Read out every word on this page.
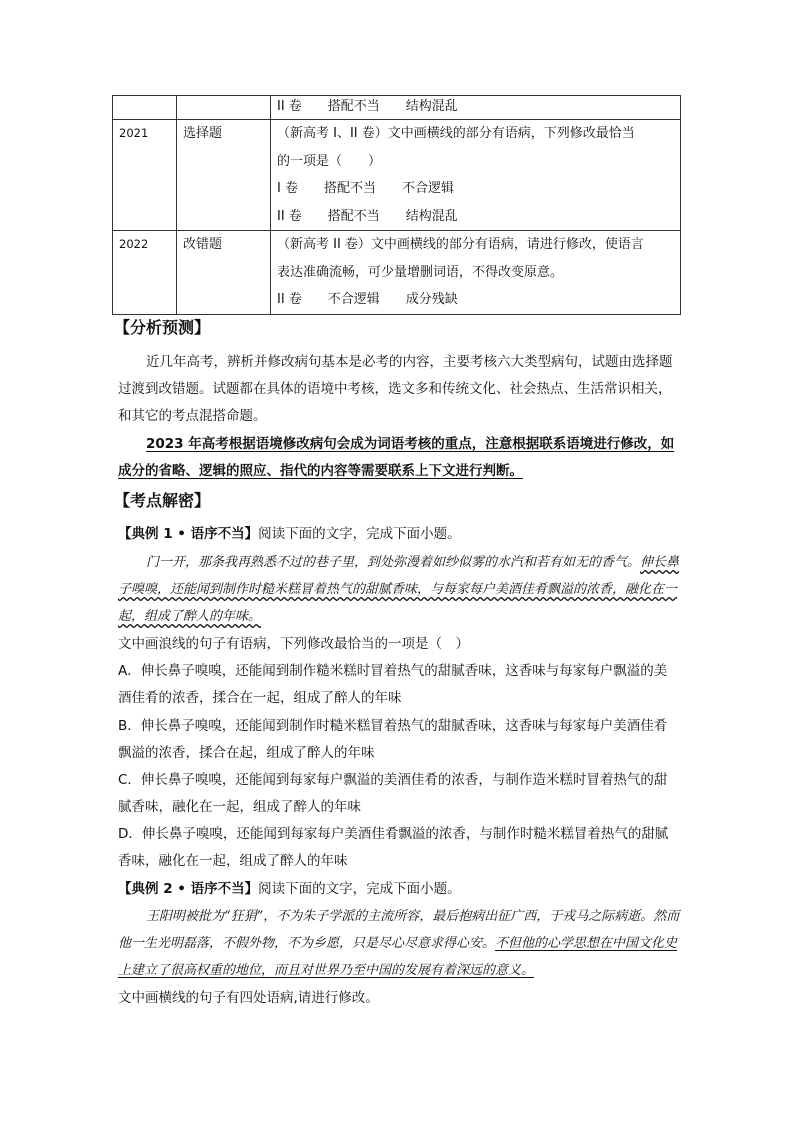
		II 卷　　搭配不当　　结构混乱

2021	选择题	（新高考 I、II 卷）文中画横线的部分有语病，下列修改最恰当
的一项是（　　）
I 卷　　搭配不当　　不合逻辑
II 卷　　搭配不当　　结构混乱

2022	改错题	（新高考 II 卷）文中画横线的部分有语病，请进行修改，使语言
表达准确流畅，可少量增删词语，不得改变原意。
II 卷　　不合逻辑　　成分残缺
【分析预测】

近几年高考，辨析并修改病句基本是必考的内容，主要考核六大类型病句，试题由选择题过渡到改错题。试题都在具体的语境中考核，选文多和传统文化、社会热点、生活常识相关，和其它的考点混搭命题。

2023 年高考根据语境修改病句会成为词语考核的重点，注意根据联系语境进行修改，如成分的省略、逻辑的照应、指代的内容等需要联系上下文进行判断。

【考点解密】

【典例 1 • 语序不当】阅读下面的文字，完成下面小题。

门一开，那条我再熟悉不过的巷子里，到处弥漫着如纱似雾的水汽和若有如无的香气。伸长鼻子嗅嗅，还能闻到制作时糙米糕冒着热气的甜腻香味，与每家每户美酒佳肴飘溢的浓香，融化在一起，组成了醉人的年味。

文中画浪线的句子有语病，下列修改最恰当的一项是（　）

A．伸长鼻子嗅嗅，还能闻到制作糙米糕时冒着热气的甜腻香味，这香味与每家每户飘溢的美酒佳肴的浓香，揉合在一起，组成了醉人的年味

B．伸长鼻子嗅嗅，还能闻到制作时糙米糕冒着热气的甜腻香味，这香味与每家每户美酒佳肴飘溢的浓香，揉合在起，组成了醉人的年味

C．伸长鼻子嗅嗅，还能闻到每家每户飘溢的美酒佳肴的浓香，与制作造米糕时冒着热气的甜腻香味，融化在一起，组成了醉人的年味

D．伸长鼻子嗅嗅，还能闻到每家每户美酒佳肴飘溢的浓香，与制作时糙米糕冒着热气的甜腻香味，融化在一起，组成了醉人的年味

【典例 2 • 语序不当】阅读下面的文字，完成下面小题。

王阳明被批为“狂狷”，不为朱子学派的主流所容，最后抱病出征广西，于戎马之际病逝。然而他一生光明磊落，不假外物，不为乡愿，只是尽心尽意求得心安。不但他的心学思想在中国文化史上建立了很高权重的地位，而且对世界乃至中国的发展有着深远的意义。

文中画横线的句子有四处语病,请进行修改。
